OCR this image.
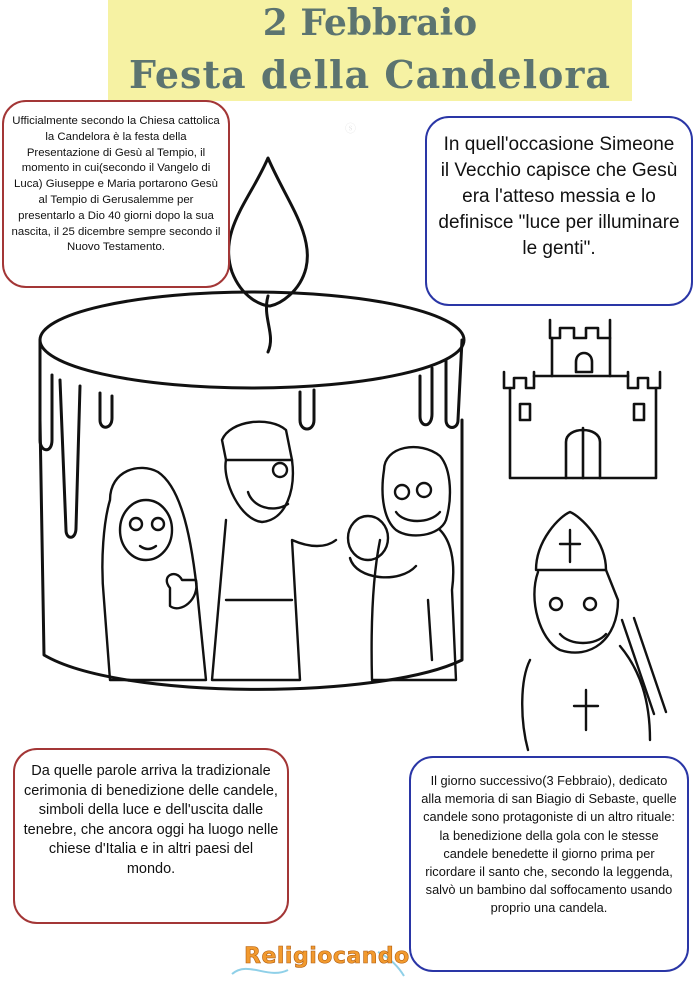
2 Febbraio
Festa della Candelora
ⓢ
Ufficialmente secondo la Chiesa cattolica la Candelora è la festa della Presentazione di Gesù al Tempio, il momento in cui(secondo il Vangelo di Luca) Giuseppe e Maria portarono Gesù al Tempio di Gerusalemme per presentarlo a Dio 40 giorni dopo la sua nascita, il 25 dicembre sempre secondo il Nuovo Testamento.
In quell'occasione Simeone il Vecchio capisce che Gesù era l'atteso messia e lo definisce "luce per illuminare le genti".
Da quelle parole arriva la tradizionale cerimonia di benedizione delle candele, simboli della luce e dell'uscita dalle tenebre, che ancora oggi ha luogo nelle chiese d'Italia e in altri paesi del mondo.
Il giorno successivo(3 Febbraio), dedicato alla memoria di san Biagio di Sebaste, quelle candele sono protagoniste di un altro rituale: la benedizione della gola con le stesse candele benedette il giorno prima per ricordare il santo che, secondo la leggenda, salvò un bambino dal soffocamento usando proprio una candela.
Religiocando
